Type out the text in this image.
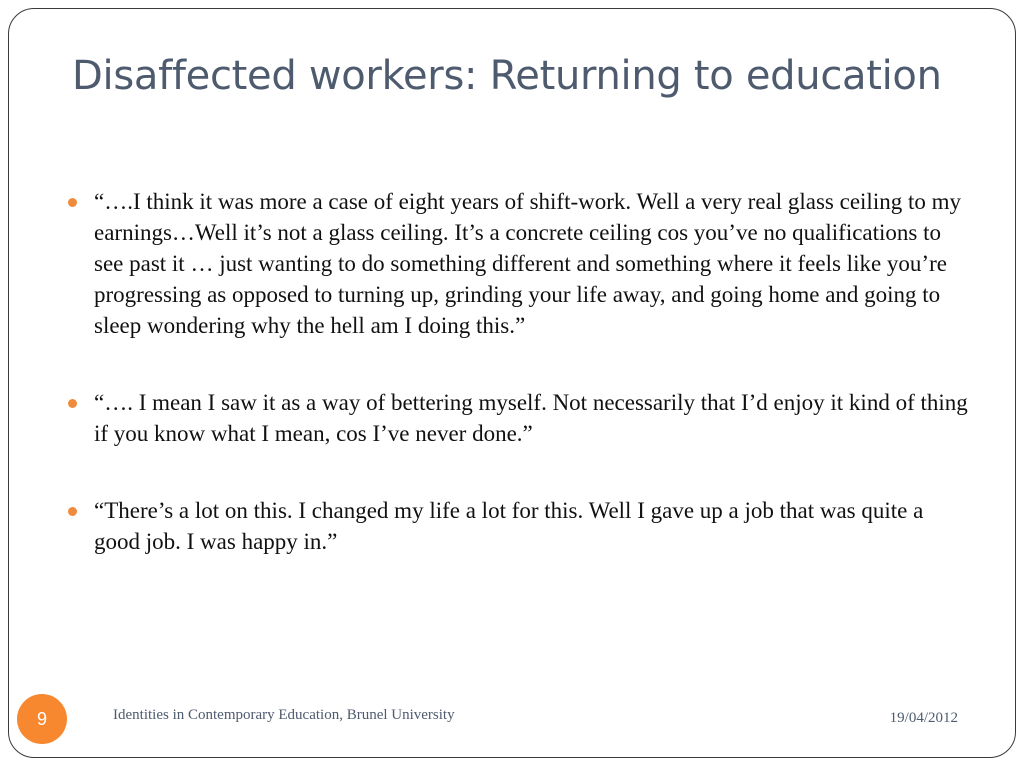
Disaffected workers: Returning to education
“….I think it was more a case of eight years of shift-work. Well a very real glass ceiling to my earnings…Well it’s not a glass ceiling. It’s a concrete ceiling cos you’ve no qualifications to see past it … just wanting to do something different and something where it feels like you’re progressing as opposed to turning up, grinding your life away, and going home and going to sleep wondering why the hell am I doing this.”
“…. I mean I saw it as a way of bettering myself. Not necessarily that I’d enjoy it kind of thing if you know what I mean, cos I’ve never done.”
“There’s a lot on this. I changed my life a lot for this. Well I gave up a job that was quite a good job. I was happy in.”
9	Identities in Contemporary Education, Brunel University	19/04/2012
